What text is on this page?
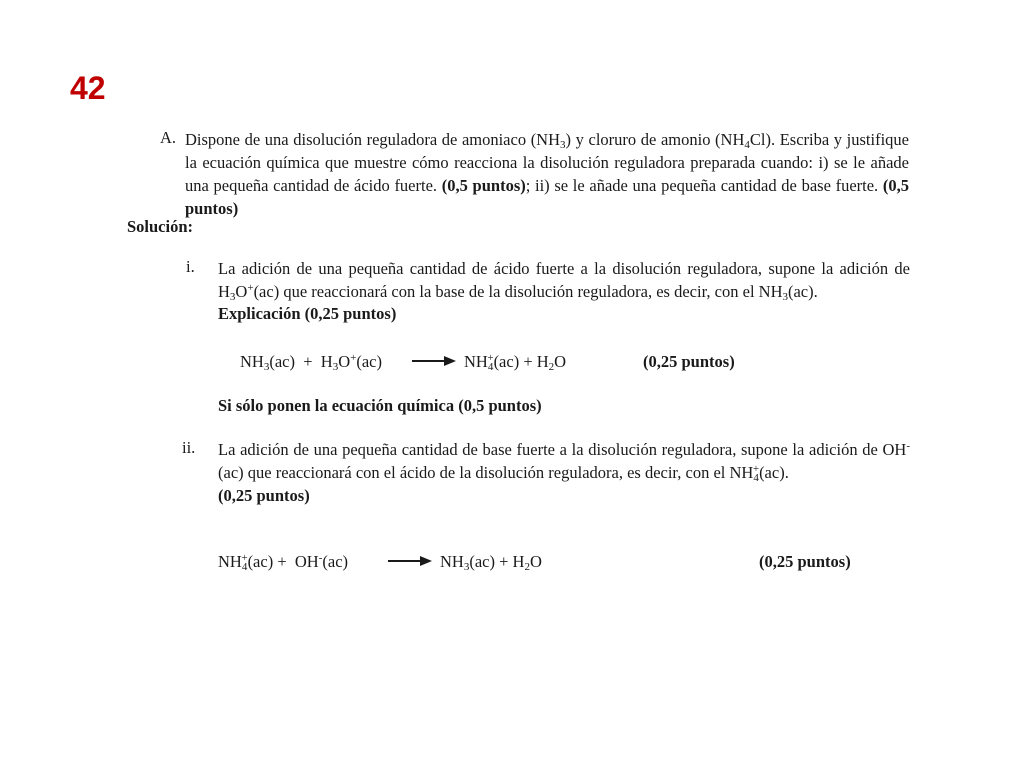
42
A. Dispone de una disolución reguladora de amoniaco $(NH_3)$ y cloruro de amonio $(NH_4Cl)$. Escriba y justifique la ecuación química que muestre cómo reacciona la disolución reguladora preparada cuando: i) se le añade una pequeña cantidad de ácido fuerte. (0,5 puntos); ii) se le añade una pequeña cantidad de base fuerte. (0,5 puntos)
Solución:
i. La adición de una pequeña cantidad de ácido fuerte a la disolución reguladora, supone la adición de $H_3O^+(ac)$ que reaccionará con la base de la disolución reguladora, es decir, con el $NH_3(ac)$.
Explicación (0,25 puntos)
$NH_3(ac) + H_3O^+(ac) \to NH_4^+(ac) + H_2O$	(0,25 puntos)
Si sólo ponen la ecuación química (0,5 puntos)
ii. La adición de una pequeña cantidad de base fuerte a la disolución reguladora, supone la adición de OH-(ac) que reaccionará con el ácido de la disolución reguladora, es decir, con el $NH_4^+(ac)$.
(0,25 puntos)
$NH_4^+(ac) + OH^-(ac) \to NH_3(ac) + H_2O$	(0,25 puntos)
